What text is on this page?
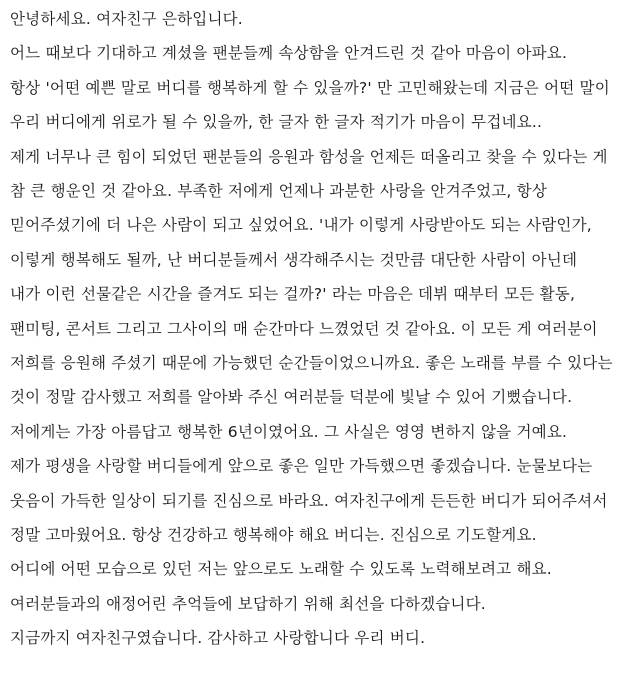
안녕하세요. 여자친구 은하입니다.
어느 때보다 기대하고 계셨을 팬분들께 속상함을 안겨드린 것 같아 마음이 아파요.
항상 '어떤 예쁜 말로 버디를 행복하게 할 수 있을까?' 만 고민해왔는데 지금은 어떤 말이
우리 버디에게 위로가 될 수 있을까, 한 글자 한 글자 적기가 마음이 무겁네요..
제게 너무나 큰 힘이 되었던 팬분들의 응원과 함성을 언제든 떠올리고 찾을 수 있다는 게
참 큰 행운인 것 같아요. 부족한 저에게 언제나 과분한 사랑을 안겨주었고, 항상
믿어주셨기에 더 나은 사람이 되고 싶었어요. '내가 이렇게 사랑받아도 되는 사람인가,
이렇게 행복해도 될까, 난 버디분들께서 생각해주시는 것만큼 대단한 사람이 아닌데
내가 이런 선물같은 시간을 즐겨도 되는 걸까?' 라는 마음은 데뷔 때부터 모든 활동,
팬미팅, 콘서트 그리고 그사이의 매 순간마다 느꼈었던 것 같아요. 이 모든 게 여러분이
저희를 응원해 주셨기 때문에 가능했던 순간들이었으니까요. 좋은 노래를 부를 수 있다는
것이 정말 감사했고 저희를 알아봐 주신 여러분들 덕분에 빛날 수 있어 기뻤습니다.
저에게는 가장 아름답고 행복한 6년이였어요. 그 사실은 영영 변하지 않을 거예요.
제가 평생을 사랑할 버디들에게 앞으로 좋은 일만 가득했으면 좋겠습니다. 눈물보다는
웃음이 가득한 일상이 되기를 진심으로 바라요. 여자친구에게 든든한 버디가 되어주셔서
정말 고마웠어요. 항상 건강하고 행복해야 해요 버디는. 진심으로 기도할게요.
어디에 어떤 모습으로 있던 저는 앞으로도 노래할 수 있도록 노력해보려고 해요.
여러분들과의 애정어린 추억들에 보답하기 위해 최선을 다하겠습니다.
지금까지 여자친구였습니다. 감사하고 사랑합니다 우리 버디.
